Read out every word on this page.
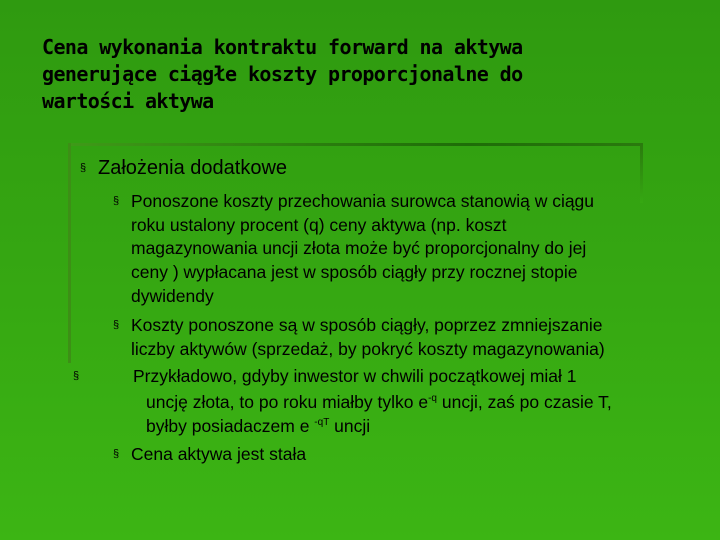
Cena wykonania kontraktu forward na aktywa
generujące ciągłe koszty proporcjonalne do
wartości aktywa
§ Założenia dodatkowe
§ Ponoszone koszty przechowania surowca stanowią w ciągu
roku ustalony procent (q) ceny aktywa (np. koszt
magazynowania uncji złota może być proporcjonalny do jej
ceny ) wypłacana jest w sposób ciągły przy rocznej stopie
dywidendy
§ Koszty ponoszone są w sposób ciągły, poprzez zmniejszanie
liczby aktywów (sprzedaż, by pokryć koszty magazynowania)
§	Przykładowo, gdyby inwestor w chwili początkowej miał 1
uncję złota, to po roku miałby tylko $e^{-q}$ uncji, zaś po czasie T,
byłby posiadaczem e $^{-qT}$ uncji
§ Cena aktywa jest stała
